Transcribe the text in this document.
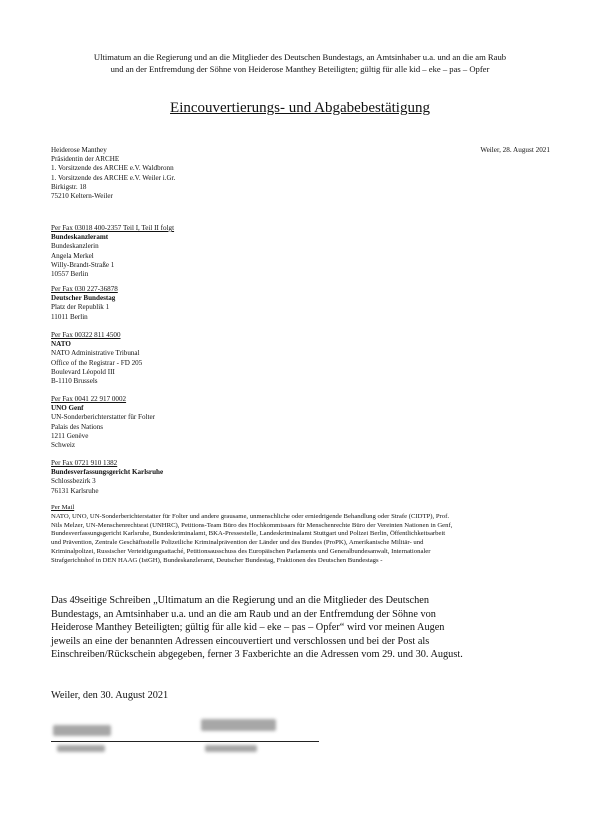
Ultimatum an die Regierung und an die Mitglieder des Deutschen Bundestags, an Amtsinhaber u.a. und an die am Raub
und an der Entfremdung der Söhne von Heiderose Manthey Beteiligten; gültig für alle kid – eke – pas – Opfer
Eincouvertierungs- und Abgabebestätigung
Weiler, 28. August 2021
Heiderose Manthey
Präsidentin der ARCHE
1. Vorsitzende des ARCHE e.V. Waldbronn
1. Vorsitzende des ARCHE e.V. Weiler i.Gr.
Birkigstr. 18
75210 Keltern-Weiler
Per Fax 03018 400-2357 Teil I, Teil II folgt
Bundeskanzleramt
Bundeskanzlerin
Angela Merkel
Willy-Brandt-Straße 1
10557 Berlin
Per Fax 030 227-36878
Deutscher Bundestag
Platz der Republik 1
11011 Berlin
Per Fax 00322 811 4500
NATO
NATO Administrative Tribunal
Office of the Registrar - FD 205
Boulevard Léopold III
B-1110 Brussels
Per Fax 0041 22 917 0002
UNO Genf
UN-Sonderberichterstatter für Folter
Palais des Nations
1211 Genève
Schweiz
Per Fax 0721 910 1382
Bundesverfassungsgericht Karlsruhe
Schlossbezirk 3
76131 Karlsruhe
Per Mail
NATO, UNO, UN-Sonderberichterstatter für Folter und andere grausame, unmenschliche oder erniedrigende Behandlung oder Strafe (CIDTP), Prof.
Nils Melzer, UN-Menschenrechtsrat (UNHRC), Petitions-Team Büro des Hochkommissars für Menschenrechte Büro der Vereinten Nationen in Genf,
Bundesverfassungsgericht Karlsruhe, Bundeskriminalamt, BKA-Pressestelle, Landeskriminalamt Stuttgart und Polizei Berlin, Öffentlichkeitsarbeit
und Prävention, Zentrale Geschäftsstelle Polizeiliche Kriminalprävention der Länder und des Bundes (ProPK), Amerikanische Militär- und
Kriminalpolizei, Russischer Verteidigungsattaché, Petitionsausschuss des Europäischen Parlaments und Generalbundesanwalt, Internationaler
Strafgerichtshof in DEN HAAG (IstGH), Bundeskanzleramt, Deutscher Bundestag, Fraktionen des Deutschen Bundestags -
Das 49seitige Schreiben „Ultimatum an die Regierung und an die Mitglieder des Deutschen
Bundestags, an Amtsinhaber u.a. und an die am Raub und an der Entfremdung der Söhne von
Heiderose Manthey Beteiligten; gültig für alle kid – eke – pas – Opfer“ wird vor meinen Augen
jeweils an eine der benannten Adressen eincouvertiert und verschlossen und bei der Post als
Einschreiben/Rückschein abgegeben, ferner 3 Faxberichte an die Adressen vom 29. und 30. August.
Weiler, den 30. August 2021
